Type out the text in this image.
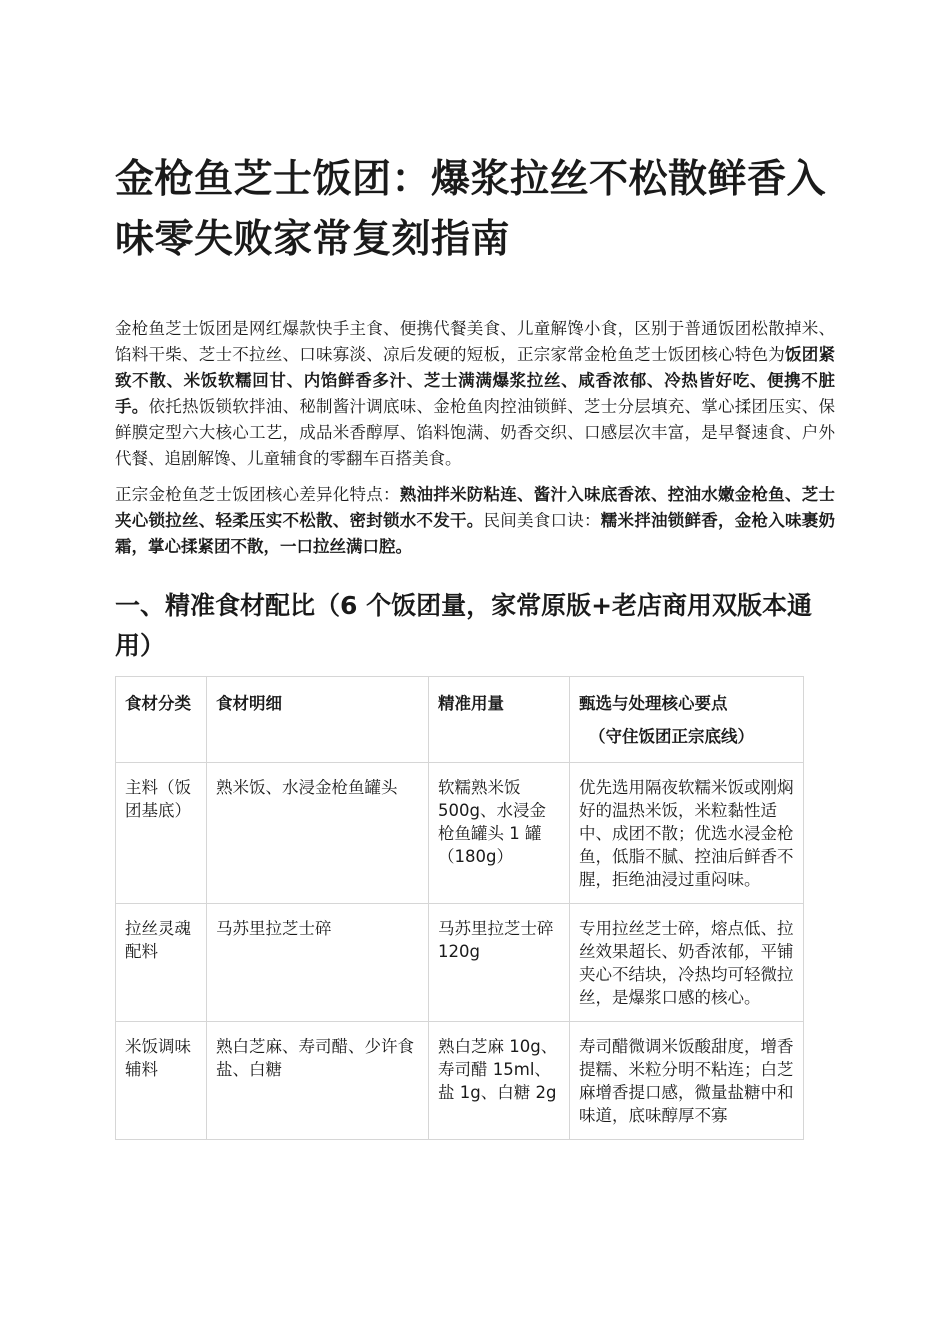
金枪鱼芝士饭团：爆浆拉丝不松散鲜香入味零失败家常复刻指南

金枪鱼芝士饭团是网红爆款快手主食、便携代餐美食、儿童解馋小食，区别于普通饭团松散掉米、馅料干柴、芝士不拉丝、口味寡淡、凉后发硬的短板，正宗家常金枪鱼芝士饭团核心特色为饭团紧致不散、米饭软糯回甘、内馅鲜香多汁、芝士满满爆浆拉丝、咸香浓郁、冷热皆好吃、便携不脏手。依托热饭锁软拌油、秘制酱汁调底味、金枪鱼肉控油锁鲜、芝士分层填充、掌心揉团压实、保鲜膜定型六大核心工艺，成品米香醇厚、馅料饱满、奶香交织、口感层次丰富，是早餐速食、户外代餐、追剧解馋、儿童辅食的零翻车百搭美食。

正宗金枪鱼芝士饭团核心差异化特点：熟油拌米防粘连、酱汁入味底香浓、控油水嫩金枪鱼、芝士夹心锁拉丝、轻柔压实不松散、密封锁水不发干。民间美食口诀：糯米拌油锁鲜香，金枪入味裹奶霜，掌心揉紧团不散，一口拉丝满口腔。

一、精准食材配比（6 个饭团量，家常原版+老店商用双版本通用）
食材分类	食材明细	精准用量	甄选与处理核心要点
（守住饭团正宗底线）

主料（饭团基底）	熟米饭、水浸金枪鱼罐头	软糯熟米饭 500g、水浸金枪鱼罐头 1 罐（180g）	优先选用隔夜软糯米饭或刚焖好的温热米饭，米粒黏性适中、成团不散；优选水浸金枪鱼，低脂不腻、控油后鲜香不腥，拒绝油浸过重闷味。
拉丝灵魂配料	马苏里拉芝士碎	马苏里拉芝士碎 120g	专用拉丝芝士碎，熔点低、拉丝效果超长、奶香浓郁，平铺夹心不结块，冷热均可轻微拉丝，是爆浆口感的核心。
米饭调味辅料	熟白芝麻、寿司醋、少许食盐、白糖	熟白芝麻 10g、寿司醋 15ml、盐 1g、白糖 2g	寿司醋微调米饭酸甜度，增香提糯、米粒分明不粘连；白芝麻增香提口感，微量盐糖中和味道，底味醇厚不寡
